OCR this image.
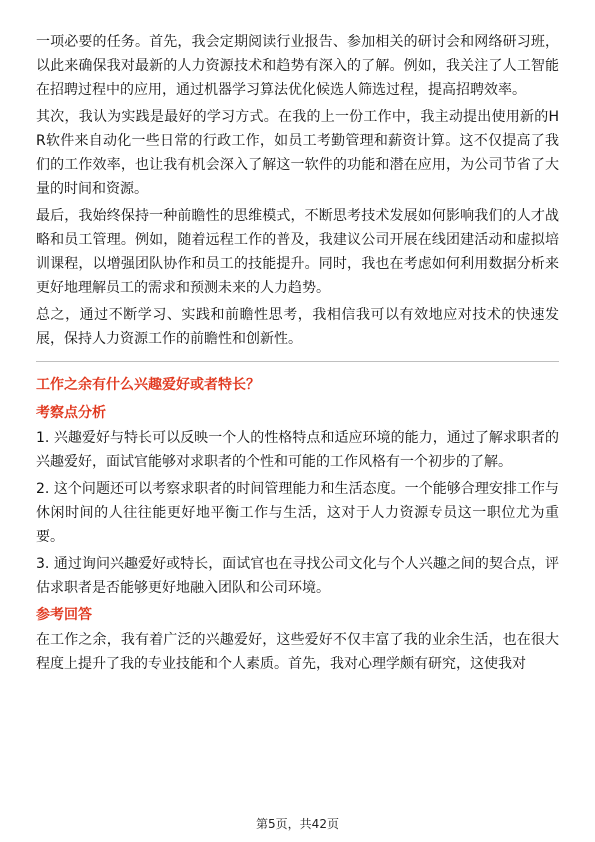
一项必要的任务。首先，我会定期阅读行业报告、参加相关的研讨会和网络研习班，以此来确保我对最新的人力资源技术和趋势有深入的了解。例如，我关注了人工智能在招聘过程中的应用，通过机器学习算法优化候选人筛选过程，提高招聘效率。

其次，我认为实践是最好的学习方式。在我的上一份工作中，我主动提出使用新的HR软件来自动化一些日常的行政工作，如员工考勤管理和薪资计算。这不仅提高了我们的工作效率，也让我有机会深入了解这一软件的功能和潜在应用，为公司节省了大量的时间和资源。

最后，我始终保持一种前瞻性的思维模式，不断思考技术发展如何影响我们的人才战略和员工管理。例如，随着远程工作的普及，我建议公司开展在线团建活动和虚拟培训课程，以增强团队协作和员工的技能提升。同时，我也在考虑如何利用数据分析来更好地理解员工的需求和预测未来的人力趋势。

总之，通过不断学习、实践和前瞻性思考，我相信我可以有效地应对技术的快速发展，保持人力资源工作的前瞻性和创新性。

工作之余有什么兴趣爱好或者特长？
考察点分析

1. 兴趣爱好与特长可以反映一个人的性格特点和适应环境的能力，通过了解求职者的兴趣爱好，面试官能够对求职者的个性和可能的工作风格有一个初步的了解。

2. 这个问题还可以考察求职者的时间管理能力和生活态度。一个能够合理安排工作与休闲时间的人往往能更好地平衡工作与生活，这对于人力资源专员这一职位尤为重要。

3. 通过询问兴趣爱好或特长，面试官也在寻找公司文化与个人兴趣之间的契合点，评估求职者是否能够更好地融入团队和公司环境。

参考回答

在工作之余，我有着广泛的兴趣爱好，这些爱好不仅丰富了我的业余生活，也在很大程度上提升了我的专业技能和个人素质。首先，我对心理学颇有研究，这使我对

第5页，共42页
